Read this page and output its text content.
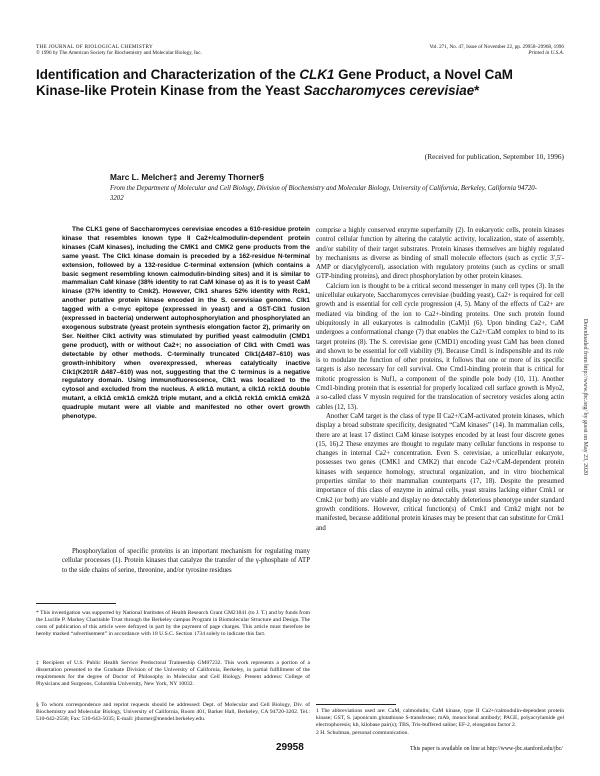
THE JOURNAL OF BIOLOGICAL CHEMISTRY
© 1996 by The American Society for Biochemistry and Molecular Biology, Inc.
Vol. 271, No. 47, Issue of November 22, pp. 29958–29968, 1996
Printed in U.S.A.
Identification and Characterization of the CLK1 Gene Product, a Novel CaM Kinase-like Protein Kinase from the Yeast Saccharomyces cerevisiae*
(Received for publication, September 10, 1996)
Marc L. Melcher‡ and Jeremy Thorner§
From the Department of Molecular and Cell Biology, Division of Biochemistry and Molecular Biology, University of California, Berkeley, California 94720-3202
The CLK1 gene of Saccharomyces cerevisiae encodes a 610-residue protein kinase that resembles known type II Ca2+/calmodulin-dependent protein kinases (CaM kinases), including the CMK1 and CMK2 gene products from the same yeast. The Clk1 kinase domain is preceded by a 162-residue N-terminal extension, followed by a 132-residue C-terminal extension (which contains a basic segment resembling known calmodulin-binding sites) and it is similar to mammalian CaM kinase (38% identity to rat CaM kinase α) as it is to yeast CaM kinase (37% identity to Cmk2). However, Clk1 shares 52% identity with Rck1, another putative protein kinase encoded in the S. cerevisiae genome. Clk1 tagged with a c-myc epitope (expressed in yeast) and a GST-Clk1 fusion (expressed in bacteria) underwent autophosphorylation and phosphorylated an exogenous substrate (yeast protein synthesis elongation factor 2), primarily on Ser. Neither Clk1 activity was stimulated by purified yeast calmodulin (CMD1 gene product), with or without Ca2+; no association of Clk1 with Cmd1 was detectable by other methods. C-terminally truncated Clk1(Δ487–610) was growth-inhibitory when overexpressed, whereas catalytically inactive Clk1(K201R Δ487–610) was not, suggesting that the C terminus is a negative regulatory domain. Using immunofluorescence, Clk1 was localized to the cytosol and excluded from the nucleus. A elk1Δ mutant, a clk1Δ rck1Δ double mutant, a clk1Δ cmk1Δ cmk2Δ triple mutant, and a clk1Δ rck1Δ cmk1Δ cmk2Δ quadruple mutant were all viable and manifested no other overt growth phenotype.
Phosphorylation of specific proteins is an important mechanism for regulating many cellular processes (1). Protein kinases that catalyze the transfer of the γ-phosphate of ATP to the side chains of serine, threonine, and/or tyrosine residues
* This investigation was supported by National Institutes of Health Research Grant GM21841 (to J. T.) and by funds from the Lucille P. Markey Charitable Trust through the Berkeley campus Program in Biomolecular Structure and Design. The costs of publication of this article were defrayed in part by the payment of page charges. This article must therefore be hereby marked “advertisement” in accordance with 18 U.S.C. Section 1734 solely to indicate this fact.
‡ Recipient of U.S. Public Health Service Predoctoral Traineeship GM07232. This work represents a portion of a dissertation presented to the Graduate Division of the University of California, Berkeley, in partial fulfillment of the requirements for the degree of Doctor of Philosophy in Molecular and Cell Biology. Present address: College of Physicians and Surgeons, Columbia University, New York, NY 10032.
§ To whom correspondence and reprint requests should be addressed: Dept. of Molecular and Cell Biology, Div. of Biochemistry and Molecular Biology, University of California, Room 401, Barker Hall, Berkeley, CA 94720-3202. Tel.: 510-642-2558; Fax: 510-643-5035; E-mail: jthorner@mendel.berkeley.edu.

comprise a highly conserved enzyme superfamily (2). In eukaryotic cells, protein kinases control cellular function by altering the catalytic activity, localization, state of assembly, and/or stability of their target substrates. Protein kinases themselves are highly regulated by mechanisms as diverse as binding of small molecule effectors (such as cyclic 3′,5′-AMP or diacylglycerol), association with regulatory proteins (such as cyclins or small GTP-binding proteins), and direct phosphorylation by other protein kinases.

Calcium ion is thought to be a critical second messenger in many cell types (3). In the unicellular eukaryote, Saccharomyces cerevisiae (budding yeast), Ca2+ is required for cell growth and is essential for cell cycle progression (4, 5). Many of the effects of Ca2+ are mediated via binding of the ion to Ca2+-binding proteins. One such protein found ubiquitously in all eukaryotes is calmodulin (CaM)1 (6). Upon binding Ca2+, CaM undergoes a conformational change (7) that enables the Ca2+/CaM complex to bind to its target proteins (8). The S. cerevisiae gene (CMD1) encoding yeast CaM has been cloned and shown to be essential for cell viability (9). Because Cmd1 is indispensible and its role is to modulate the function of other proteins, it follows that one or more of its specific targets is also necessary for cell survival. One Cmd1-binding protein that is critical for mitotic progression is Nuf1, a component of the spindle pole body (10, 11). Another Cmd1-binding protein that is essential for properly localized cell surface growth is Myo2, a so-called class V myosin required for the translocation of secretory vesicles along actin cables (12, 13).

Another CaM target is the class of type II Ca2+/CaM-activated protein kinases, which display a broad substrate specificity, designated “CaM kinases” (14). In mammalian cells, there are at least 17 distinct CaM kinase isotypes encoded by at least four discrete genes (15, 16).2 These enzymes are thought to regulate many cellular functions in response to changes in internal Ca2+ concentration. Even S. cerevisiae, a unicellular eukaryote, possesses two genes (CMK1 and CMK2) that encode Ca2+/CaM-dependent protein kinases with sequence homology, structural organization, and in vitro biochemical properties similar to their mammalian counterparts (17, 18). Despite the presumed importance of this class of enzyme in animal cells, yeast strains lacking either Cmk1 or Cmk2 (or both) are viable and display no detectably deleterious phenotype under standard growth conditions. However, critical function(s) of Cmk1 and Cmk2 might not be manifested, because additional protein kinases may be present that can substitute for Cmk1 and

1 The abbreviations used are: CaM, calmodulin; CaM kinase, type II Ca2+/calmodulin-dependent protein kinase; GST, S. japonicum glutathione S-transferase; mAb, monoclonal antibody; PAGE, polyacrylamide gel electrophoresis; kb, kilobase pair(s); TBS, Tris-buffered saline; EF-2, elongation factor 2.
2 H. Schulman, personal communication.
Downloaded from http://www.jbc.org/ by guest on May 23, 2020
29958	This paper is available on line at http://www-jbc.stanford.edu/jbc/
